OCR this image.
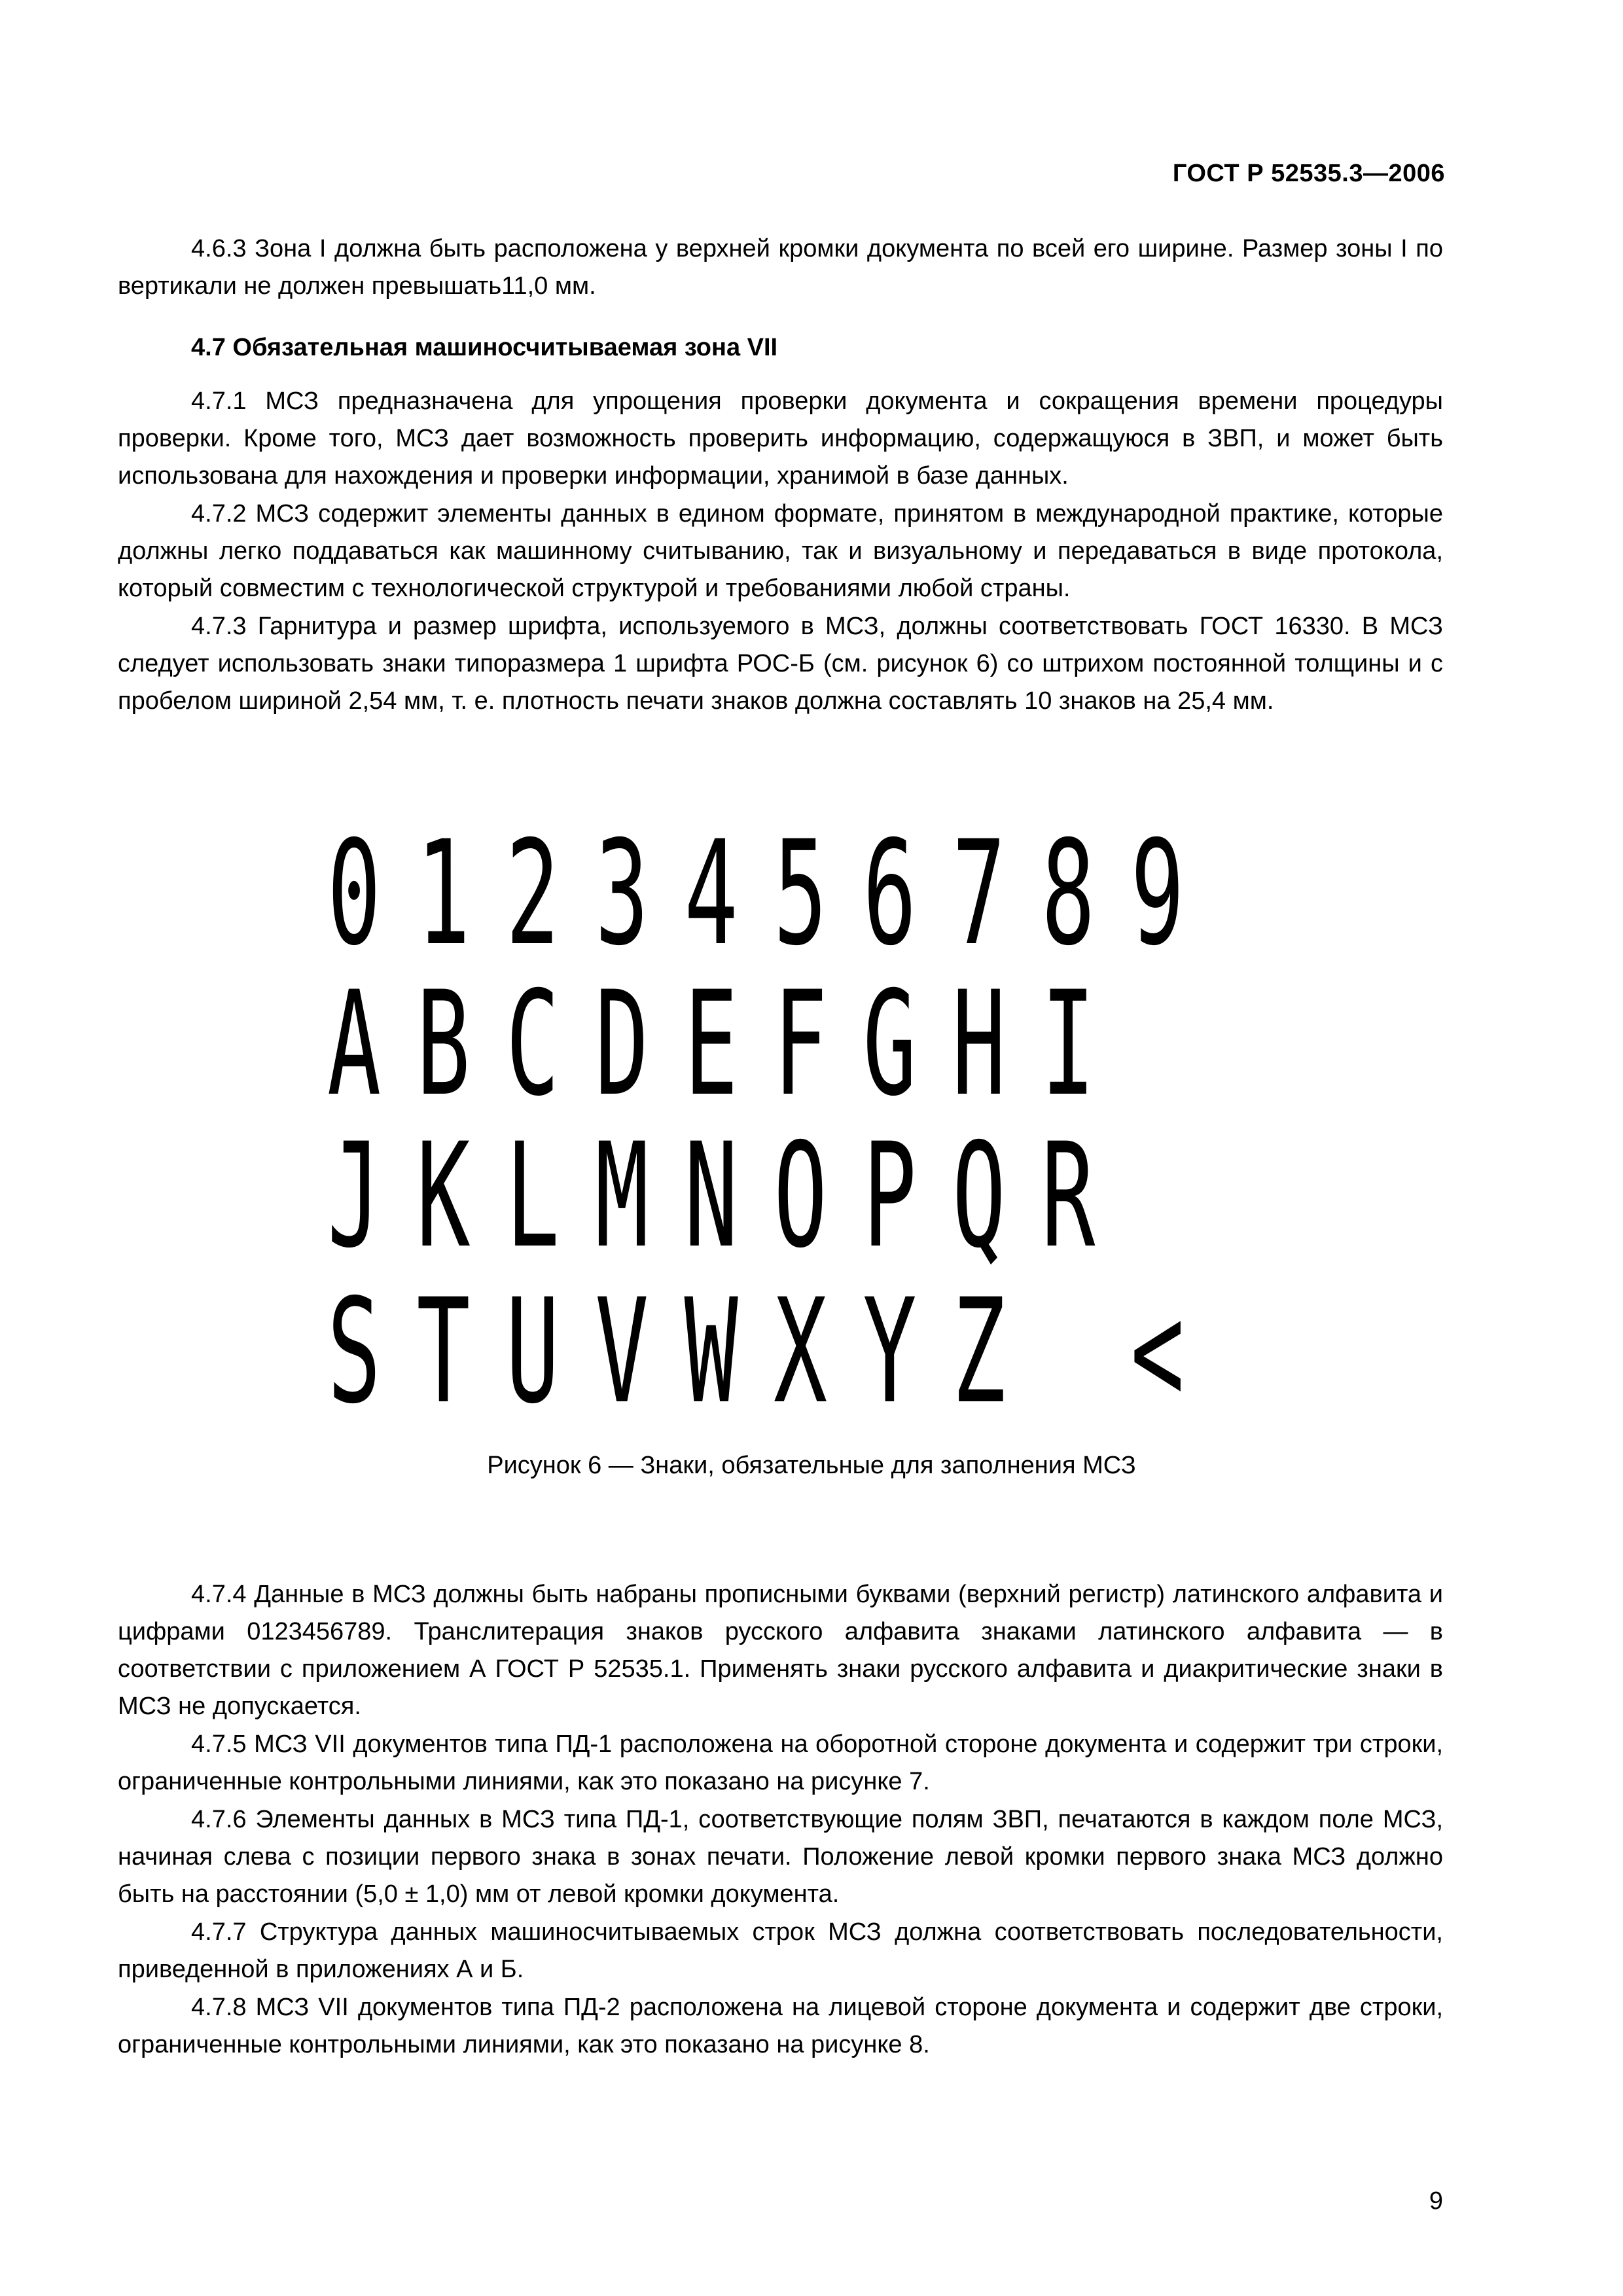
ГОСТ Р 52535.3—2006

4.6.3 Зона I должна быть расположена у верхней кромки документа по всей его ширине. Размер зоны I по вертикали не должен превышать11,0 мм.

4.7 Обязательная машиносчитываемая зона VII

4.7.1 МСЗ предназначена для упрощения проверки документа и сокращения времени процедуры проверки. Кроме того, МСЗ дает возможность проверить информацию, содержащуюся в ЗВП, и может быть использована для нахождения и проверки информации, хранимой в базе данных.

4.7.2 МСЗ содержит элементы данных в едином формате, принятом в международной практике, которые должны легко поддаваться как машинному считыванию, так и визуальному и передаваться в виде протокола, который совместим с технологической структурой и требованиями любой страны.

4.7.3 Гарнитура и размер шрифта, используемого в МСЗ, должны соответствовать ГОСТ 16330. В МСЗ следует использовать знаки типоразмера 1 шрифта РОС-Б (см. рисунок 6) со штрихом постоянной толщины и с пробелом шириной 2,54 мм, т. е. плотность печати знаков должна составлять 10 знаков на 25,4 мм.

0 1 2 3 4 5 6 7 8 9
A B C D E F G H I
J K L M N O P Q R
S T U V W X Y Z <
Рисунок 6 — Знаки, обязательные для заполнения МСЗ

4.7.4 Данные в МСЗ должны быть набраны прописными буквами (верхний регистр) латинского алфавита и цифрами 0123456789. Транслитерация знаков русского алфавита знаками латинского алфавита — в соответствии с приложением А ГОСТ Р 52535.1. Применять знаки русского алфавита и диакритические знаки в МСЗ не допускается.

4.7.5 МСЗ VII документов типа ПД-1 расположена на оборотной стороне документа и содержит три строки, ограниченные контрольными линиями, как это показано на рисунке 7.

4.7.6 Элементы данных в МСЗ типа ПД-1, соответствующие полям ЗВП, печатаются в каждом поле МСЗ, начиная слева с позиции первого знака в зонах печати. Положение левой кромки первого знака МСЗ должно быть на расстоянии (5,0 ± 1,0) мм от левой кромки документа.

4.7.7 Структура данных машиносчитываемых строк МСЗ должна соответствовать последовательности, приведенной в приложениях А и Б.

4.7.8 МСЗ VII документов типа ПД-2 расположена на лицевой стороне документа и содержит две строки, ограниченные контрольными линиями, как это показано на рисунке 8.

9
